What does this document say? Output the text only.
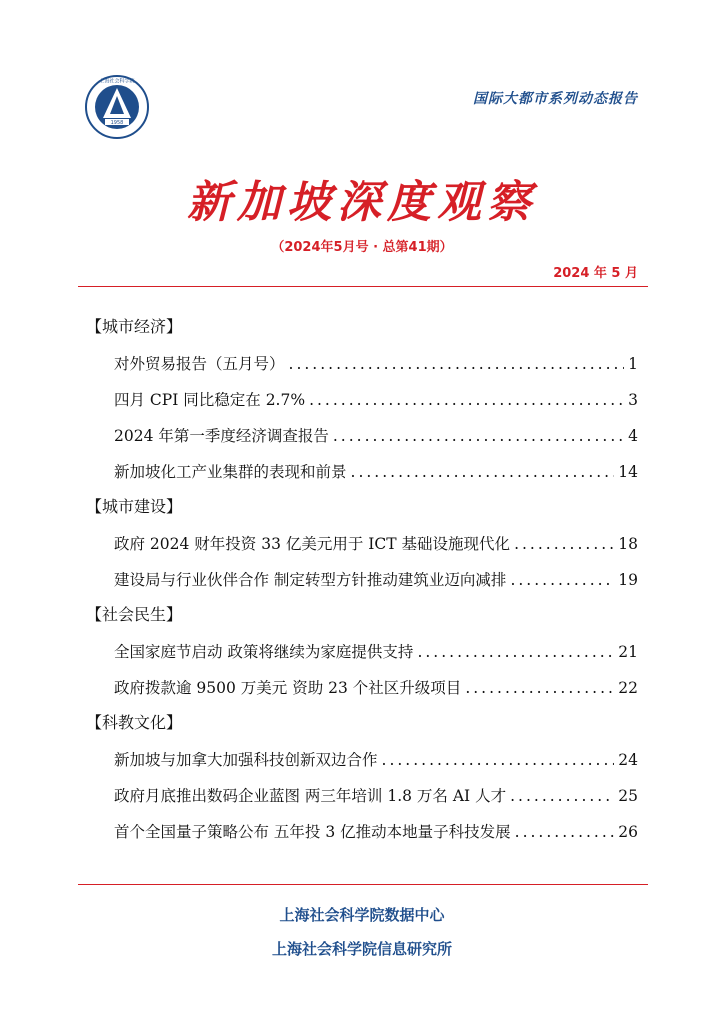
1958
上海社会科学院
国际大都市系列动态报告
新加坡深度观察
（2024年5月号 · 总第41期）
2024 年 5 月
【城市经济】
对外贸易报告（五月号） .....	1
四月 CPI 同比稳定在 2.7% .....	3
2024 年第一季度经济调查报告 .....	4
新加坡化工产业集群的表现和前景 .....	14
【城市建设】
政府 2024 财年投资 33 亿美元用于 ICT 基础设施现代化 .....	18
建设局与行业伙伴合作 制定转型方针推动建筑业迈向减排 .....	19
【社会民生】
全国家庭节启动 政策将继续为家庭提供支持 .....	21
政府拨款逾 9500 万美元 资助 23 个社区升级项目 .....	22
【科教文化】
新加坡与加拿大加强科技创新双边合作 .....	24
政府月底推出数码企业蓝图 两三年培训 1.8 万名 AI 人才 .....	25
首个全国量子策略公布 五年投 3 亿推动本地量子科技发展 .....	26
上海社会科学院数据中心
上海社会科学院信息研究所
